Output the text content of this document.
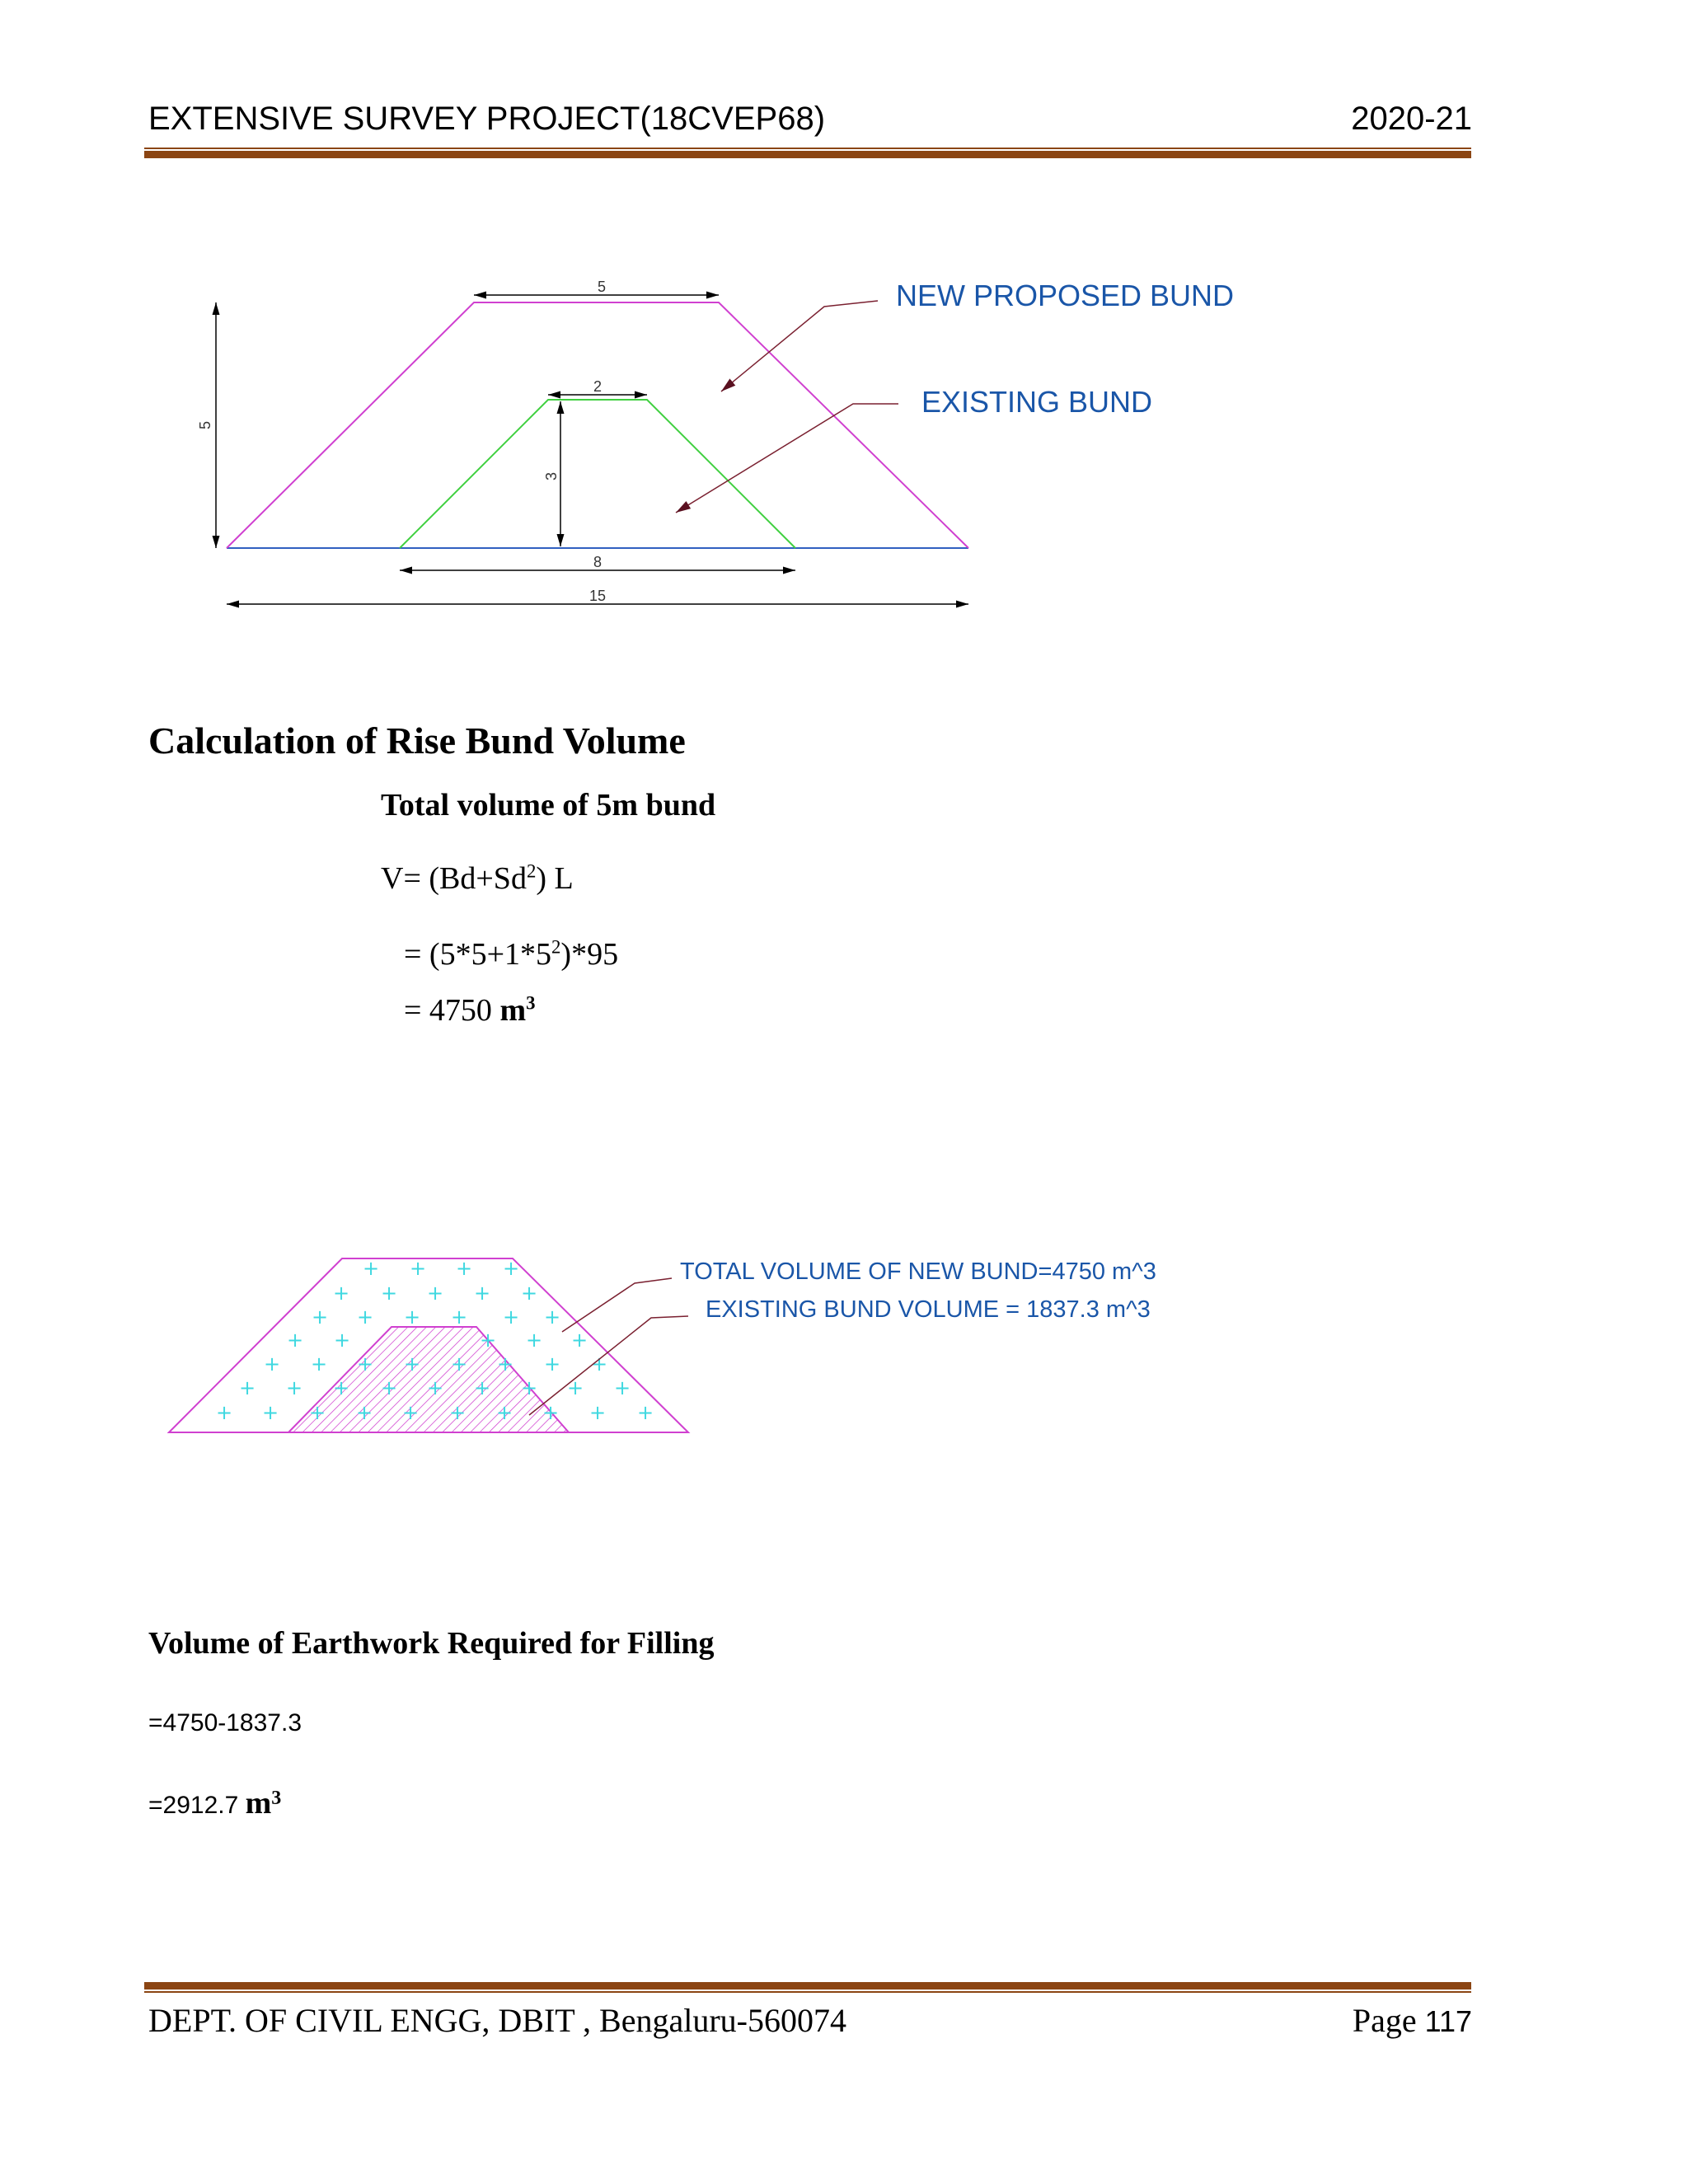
EXTENSIVE SURVEY PROJECT(18CVEP68)	2020-21
5
2
3
5
8
15
NEW PROPOSED BUND
EXISTING BUND
+ + + +
+ + + + +
+ + + + + +
+ +	+ + +
+ + + + + + + +
+ + + + + + + + +
+ + + + + + + + + +
TOTAL VOLUME OF NEW BUND=4750 m^3
EXISTING BUND VOLUME = 1837.3 m^3
Calculation of Rise Bund Volume
Total volume of 5m bund
$V= (Bd+Sd^2)$ L
= $(5*5+1*5^2)*95$
= 4750 $m^3$
Volume of Earthwork Required for Filling
=4750-1837.3
=2912.7 $m^3$
DEPT. OF CIVIL ENGG, DBIT , Bengaluru-560074	Page 117
